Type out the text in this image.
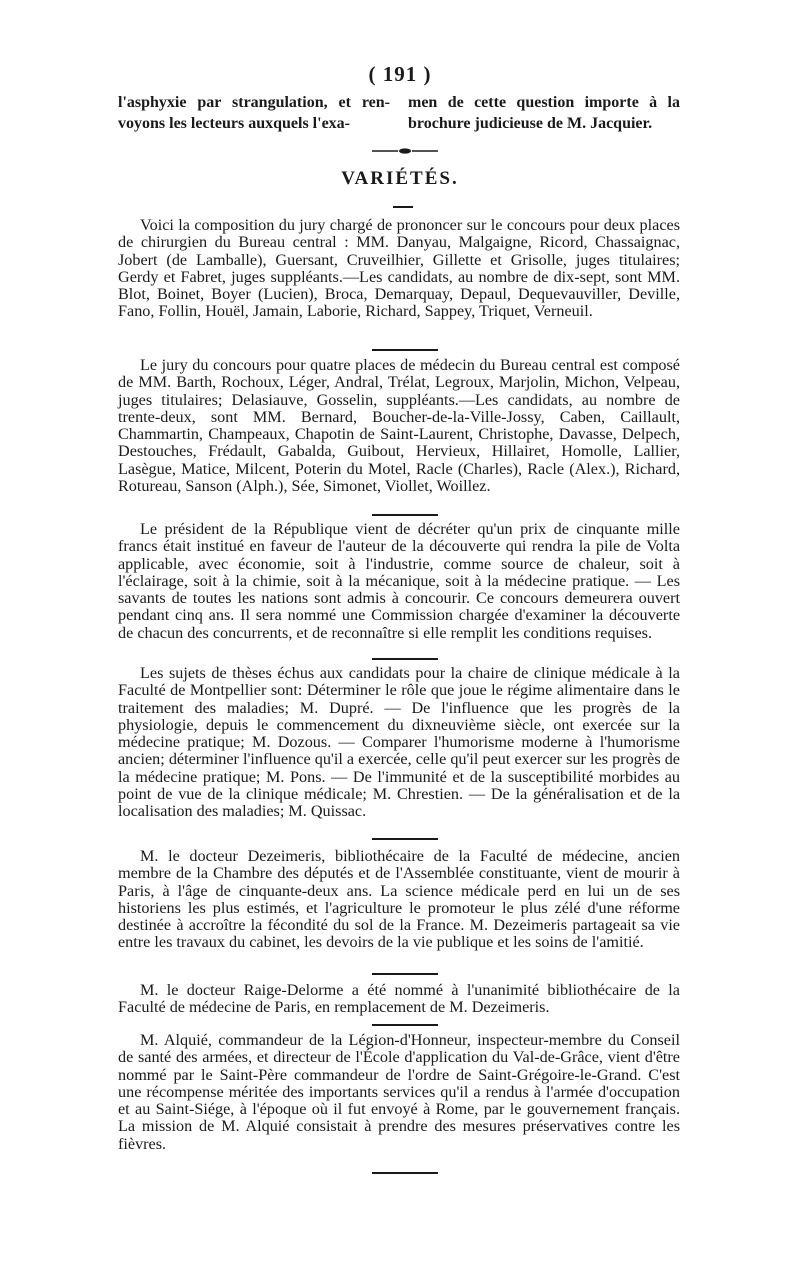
( 191 )
l'asphyxie par strangulation, et ren- voyons les lecteurs auxquels l'exa-
men de cette question importe à la brochure judicieuse de M. Jacquier.
VARIÉTÉS.

Voici la composition du jury chargé de prononcer sur le concours pour deux places de chirurgien du Bureau central : MM. Danyau, Malgaigne, Ricord, Chassaignac, Jobert (de Lamballe), Guersant, Cruveilhier, Gillette et Grisolle, juges titulaires; Gerdy et Fabret, juges suppléants.—Les candidats, au nombre de dix-sept, sont MM. Blot, Boinet, Boyer (Lucien), Broca, Demarquay, Depaul, Dequevauviller, Deville, Fano, Follin, Houël, Jamain, Laborie, Richard, Sappey, Triquet, Verneuil.

Le jury du concours pour quatre places de médecin du Bureau central est composé de MM. Barth, Rochoux, Léger, Andral, Trélat, Legroux, Marjolin, Michon, Velpeau, juges titulaires; Delasiauve, Gosselin, suppléants.—Les candidats, au nombre de trente-deux, sont MM. Bernard, Boucher-de-la-Ville-Jossy, Caben, Caillault, Chammartin, Champeaux, Chapotin de Saint-Laurent, Christophe, Davasse, Delpech, Destouches, Frédault, Gabalda, Guibout, Hervieux, Hillairet, Homolle, Lallier, Lasègue, Matice, Milcent, Poterin du Motel, Racle (Charles), Racle (Alex.), Richard, Rotureau, Sanson (Alph.), Sée, Simonet, Viollet, Woillez.

Le président de la République vient de décréter qu'un prix de cinquante mille francs était institué en faveur de l'auteur de la découverte qui rendra la pile de Volta applicable, avec économie, soit à l'industrie, comme source de chaleur, soit à l'éclairage, soit à la chimie, soit à la mécanique, soit à la médecine pratique. — Les savants de toutes les nations sont admis à concourir. Ce concours demeurera ouvert pendant cinq ans. Il sera nommé une Commission chargée d'examiner la découverte de chacun des concurrents, et de reconnaître si elle remplit les conditions requises.

Les sujets de thèses échus aux candidats pour la chaire de clinique médicale à la Faculté de Montpellier sont: Déterminer le rôle que joue le régime alimentaire dans le traitement des maladies; M. Dupré. — De l'influence que les progrès de la physiologie, depuis le commencement du dixneuvième siècle, ont exercée sur la médecine pratique; M. Dozous. — Comparer l'humorisme moderne à l'humorisme ancien; déterminer l'influence qu'il a exercée, celle qu'il peut exercer sur les progrès de la médecine pratique; M. Pons. — De l'immunité et de la susceptibilité morbides au point de vue de la clinique médicale; M. Chrestien. — De la généralisation et de la localisation des maladies; M. Quissac.

M. le docteur Dezeimeris, bibliothécaire de la Faculté de médecine, ancien membre de la Chambre des députés et de l'Assemblée constituante, vient de mourir à Paris, à l'âge de cinquante-deux ans. La science médicale perd en lui un de ses historiens les plus estimés, et l'agriculture le promoteur le plus zélé d'une réforme destinée à accroître la fécondité du sol de la France. M. Dezeimeris partageait sa vie entre les travaux du cabinet, les devoirs de la vie publique et les soins de l'amitié.

M. le docteur Raige-Delorme a été nommé à l'unanimité bibliothécaire de la Faculté de médecine de Paris, en remplacement de M. Dezeimeris.

M. Alquié, commandeur de la Légion-d'Honneur, inspecteur-membre du Conseil de santé des armées, et directeur de l'École d'application du Val-de-Grâce, vient d'être nommé par le Saint-Père commandeur de l'ordre de Saint-Grégoire-le-Grand. C'est une récompense méritée des importants services qu'il a rendus à l'armée d'occupation et au Saint-Siége, à l'époque où il fut envoyé à Rome, par le gouvernement français. La mission de M. Alquié consistait à prendre des mesures préservatives contre les fièvres.
